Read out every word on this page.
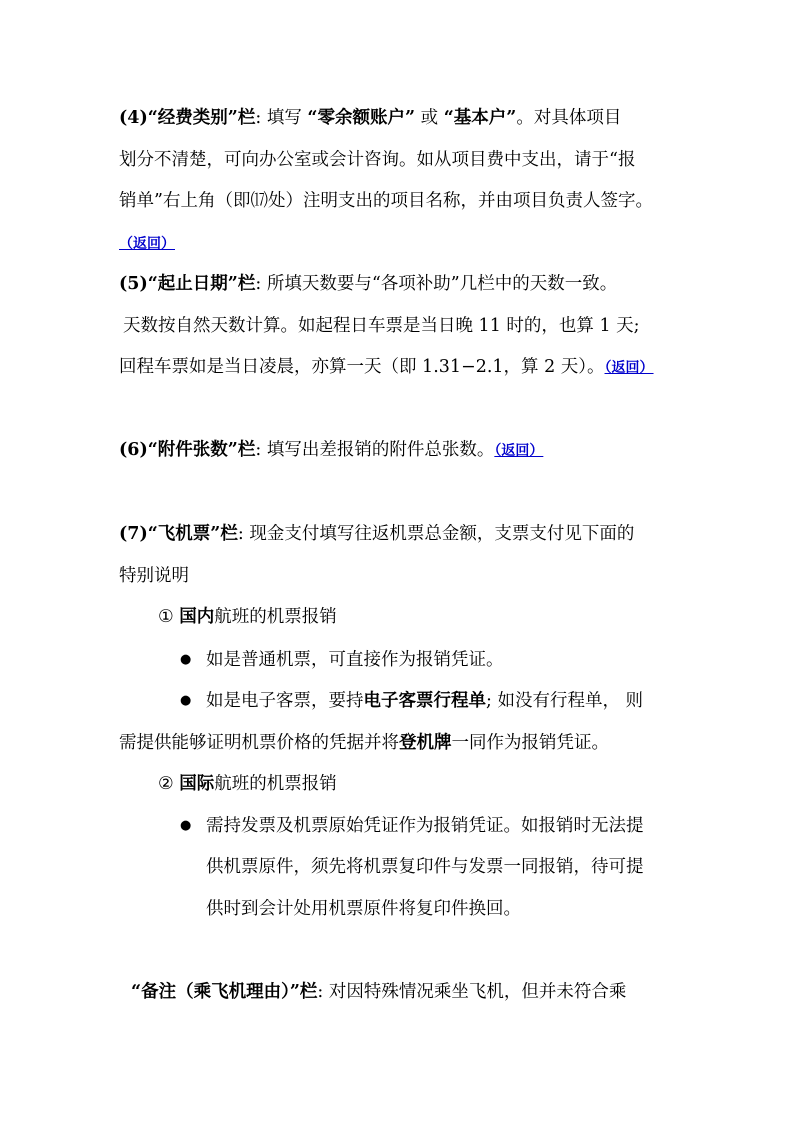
(4)“经费类别”栏: 填写 “零余额账户” 或 “基本户”。对具体项目
划分不清楚，可向办公室或会计咨询。如从项目费中支出，请于“报
销单”右上角（即⒄处）注明支出的项目名称，并由项目负责人签字。
（返回）
(5)“起止日期”栏: 所填天数要与“各项补助”几栏中的天数一致。
天数按自然天数计算。如起程日车票是当日晚 11 时的，也算 1 天;
回程车票如是当日凌晨，亦算一天（即 1.31−2.1，算 2 天）。（返回）
(6)“附件张数”栏: 填写出差报销的附件总张数。（返回）
(7)“飞机票”栏: 现金支付填写往返机票总金额，支票支付见下面的
特别说明
① 国内航班的机票报销
● 如是普通机票，可直接作为报销凭证。
● 如是电子客票，要持电子客票行程单; 如没有行程单， 则
需提供能够证明机票价格的凭据并将登机牌一同作为报销凭证。
② 国际航班的机票报销
● 需持发票及机票原始凭证作为报销凭证。如报销时无法提
供机票原件，须先将机票复印件与发票一同报销，待可提
供时到会计处用机票原件将复印件换回。
“备注（乘飞机理由）”栏: 对因特殊情况乘坐飞机，但并未符合乘
